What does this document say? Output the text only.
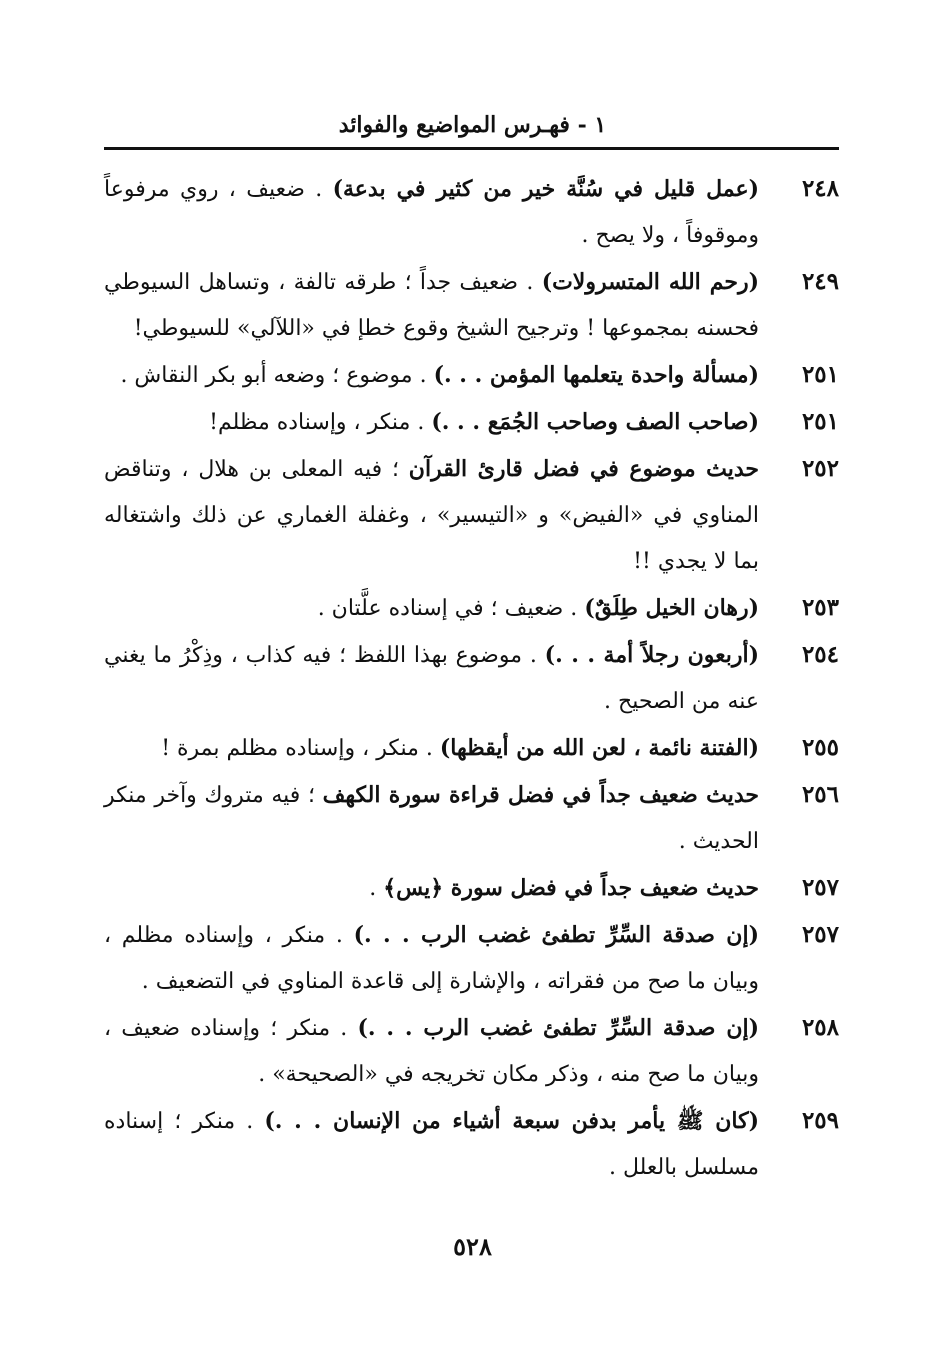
١ - فهـرس المواضيع والفوائد
٢٤٨
(عمل قليل في سُنَّة خير من كثير في بدعة) . ضعيف ، روي مرفوعاً وموقوفاً ، ولا يصح .
٢٤٩
(رحم الله المتسرولات) . ضعيف جداً ؛ طرقه تالفة ، وتساهل السيوطي فحسنه بمجموعها ! وترجيح الشيخ وقوع خطإ في «اللآلي» للسيوطي!
٢٥١
(مسألة واحدة يتعلمها المؤمن . . .) . موضوع ؛ وضعه أبو بكر النقاش .
٢٥١
(صاحب الصف وصاحب الجُمَع . . .) . منكر ، وإسناده مظلم!
٢٥٢
حديث موضوع في فضل قارئ القرآن ؛ فيه المعلى بن هلال ، وتناقض المناوي في «الفيض» و «التيسير» ، وغفلة الغماري عن ذلك واشتغاله بما لا يجدي !!
٢٥٣
(رهان الخيل طِلَقٌ) . ضعيف ؛ في إسناده علَّتان .
٢٥٤
(أربعون رجلاً أمة . . .) . موضوع بهذا اللفظ ؛ فيه كذاب ، وذِكْرُ ما يغني عنه من الصحيح .
٢٥٥
(الفتنة نائمة ، لعن الله من أيقظها) . منكر ، وإسناده مظلم بمرة !
٢٥٦
حديث ضعيف جداً في فضل قراءة سورة الكهف ؛ فيه متروك وآخر منكر الحديث .
٢٥٧
حديث ضعيف جداً في فضل سورة ﴿يس﴾ .
٢٥٧
(إن صدقة السِّرِّ تطفئ غضب الرب . . .) . منكر ، وإسناده مظلم ، وبيان ما صح من فقراته ، والإشارة إلى قاعدة المناوي في التضعيف .
٢٥٨
(إن صدقة السِّرِّ تطفئ غضب الرب . . .) . منكر ؛ وإسناده ضعيف ، وبيان ما صح منه ، وذكر مكان تخريجه في «الصحيحة» .
٢٥٩
(كان ﷺ يأمر بدفن سبعة أشياء من الإنسان . . .) . منكر ؛ إسناده مسلسل بالعلل .
٥٢٨
